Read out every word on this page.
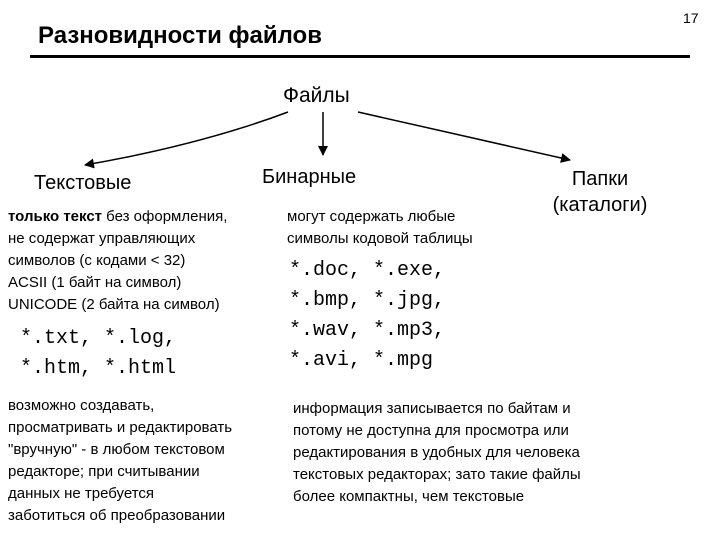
17
Разновидности файлов
Файлы
Текстовые	Бинарные	Папки (каталоги)
только текст без оформления,
не содержат управляющих
символов (с кодами < 32)
ACSII (1 байт на символ)
UNICODE (2 байта на символ)
*.txt, *.log,
*.htm, *.html
возможно создавать,
просматривать и редактировать
"вручную" - в любом текстовом
редакторе; при считывании
данных не требуется
заботиться об преобразовании
могут содержать любые
символы кодовой таблицы
*.doc, *.exe,
*.bmp, *.jpg,
*.wav, *.mp3,
*.avi, *.mpg
информация записывается по байтам и
потому не доступна для просмотра или
редактирования в удобных для человека
текстовых редакторах; зато такие файлы
более компактны, чем текстовые
